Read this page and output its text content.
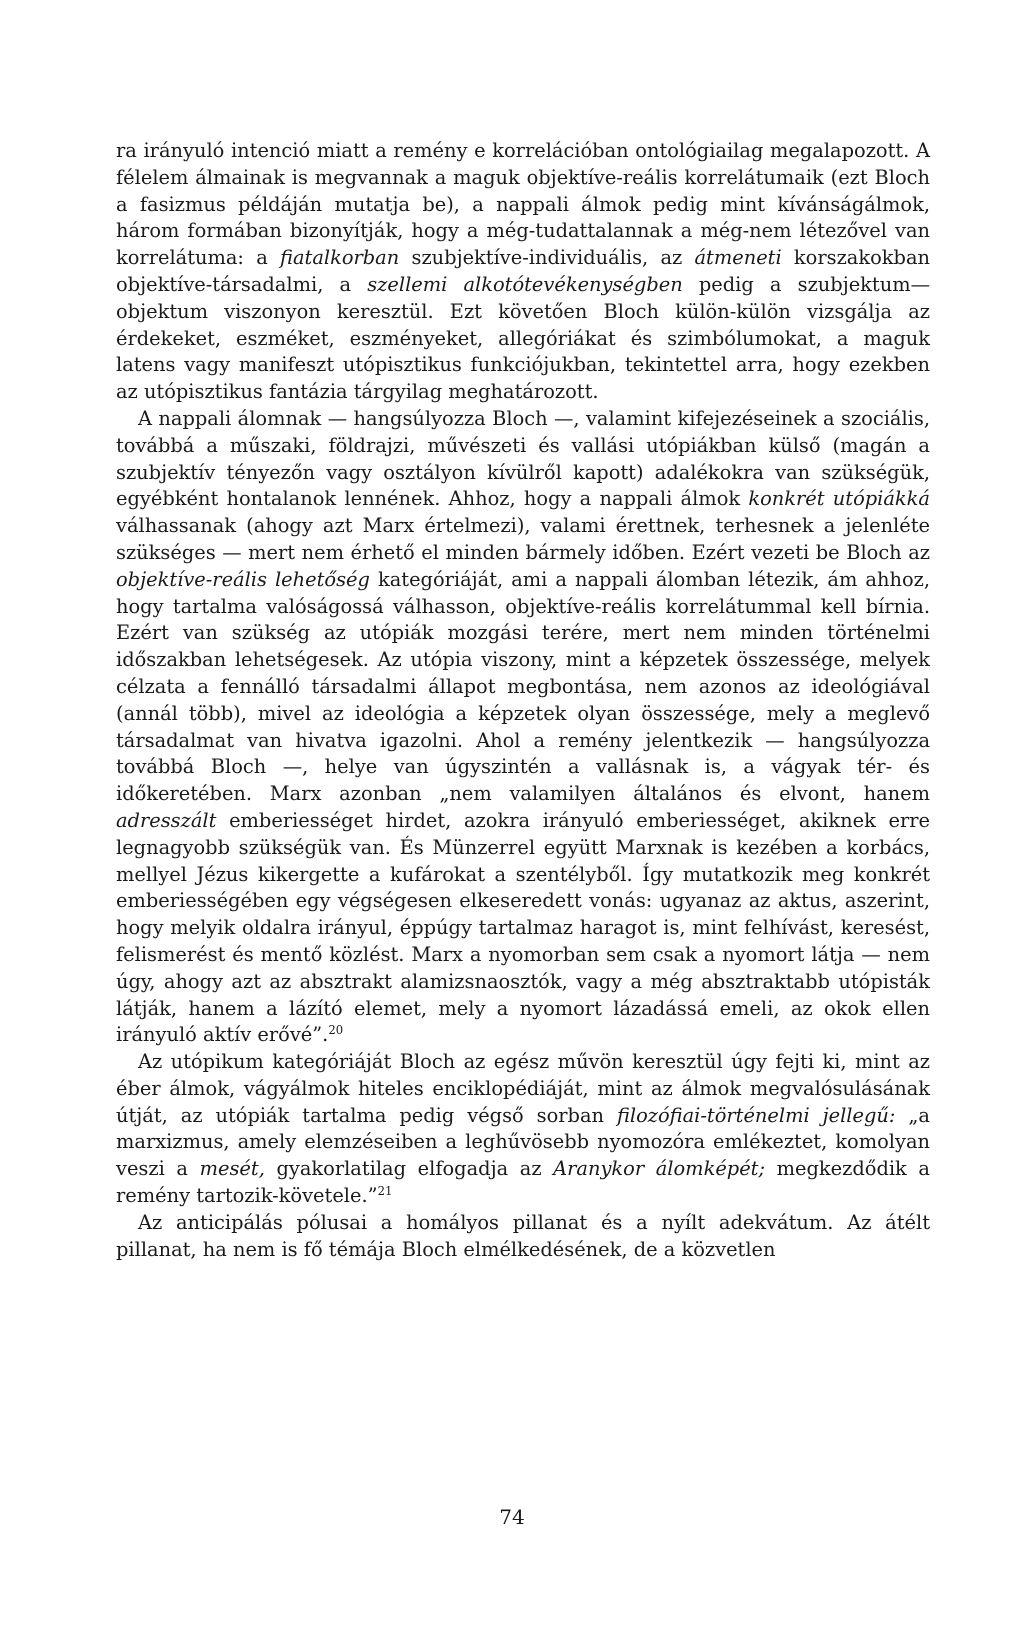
ra irányuló intenció miatt a remény e korrelációban ontológiailag megalapozott. A félelem álmainak is megvannak a maguk objektíve-reális korrelátumaik (ezt Bloch a fasizmus példáján mutatja be), a nappali álmok pedig mint kívánságálmok, három formában bizonyítják, hogy a még-tudattalannak a még-nem létezővel van korrelátuma: a fiatalkorban szubjektíve-individuális, az átmeneti korszakokban objektíve-társadalmi, a szellemi alkotótevékenységben pedig a szubjektum—objektum viszonyon keresztül. Ezt követően Bloch külön-külön vizsgálja az érdekeket, eszméket, eszményeket, allegóriákat és szimbólumokat, a maguk latens vagy manifeszt utópisztikus funkciójukban, tekintettel arra, hogy ezekben az utópisztikus fantázia tárgyilag meghatározott.

A nappali álomnak — hangsúlyozza Bloch —, valamint kifejezéseinek a szociális, továbbá a műszaki, földrajzi, művészeti és vallási utópiákban külső (magán a szubjektív tényezőn vagy osztályon kívülről kapott) adalékokra van szükségük, egyébként hontalanok lennének. Ahhoz, hogy a nappali álmok konkrét utópiákká válhassanak (ahogy azt Marx értelmezi), valami érettnek, terhesnek a jelenléte szükséges — mert nem érhető el minden bármely időben. Ezért vezeti be Bloch az objektíve-reális lehetőség kategóriáját, ami a nappali álomban létezik, ám ahhoz, hogy tartalma valóságossá válhasson, objektíve-reális korrelátummal kell bírnia. Ezért van szükség az utópiák mozgási terére, mert nem minden történelmi időszakban lehetségesek. Az utópia viszony, mint a képzetek összessége, melyek célzata a fennálló társadalmi állapot megbontása, nem azonos az ideológiával (annál több), mivel az ideológia a képzetek olyan összessége, mely a meglevő társadalmat van hivatva igazolni. Ahol a remény jelentkezik — hangsúlyozza továbbá Bloch —, helye van úgyszintén a vallásnak is, a vágyak tér- és időkeretében. Marx azonban „nem valamilyen általános és elvont, hanem adresszált emberiességet hirdet, azokra irányuló emberiességet, akiknek erre legnagyobb szükségük van. És Münzerrel együtt Marxnak is kezében a korbács, mellyel Jézus kikergette a kufárokat a szentélyből. Így mutatkozik meg konkrét emberiességében egy végségesen elkeseredett vonás: ugyanaz az aktus, aszerint, hogy melyik oldalra irányul, éppúgy tartalmaz haragot is, mint felhívást, keresést, felismerést és mentő közlést. Marx a nyomorban sem csak a nyomort látja — nem úgy, ahogy azt az absztrakt alamizsnaosztók, vagy a még absztraktabb utópisták látják, hanem a lázító elemet, mely a nyomort lázadássá emeli, az okok ellen irányuló aktív erővé”.$^{20}$

Az utópikum kategóriáját Bloch az egész művön keresztül úgy fejti ki, mint az éber álmok, vágyálmok hiteles enciklopédiáját, mint az álmok megvalósulásának útját, az utópiák tartalma pedig végső sorban filozófiai-történelmi jellegű: „a marxizmus, amely elemzéseiben a leghűvösebb nyomozóra emlékeztet, komolyan veszi a mesét, gyakorlatilag elfogadja az Aranykor álomképét; megkezdődik a remény tartozik-követele.”$^{21}$

Az anticipálás pólusai a homályos pillanat és a nyílt adekvátum. Az átélt pillanat, ha nem is fő témája Bloch elmélkedésének, de a közvetlen

74
